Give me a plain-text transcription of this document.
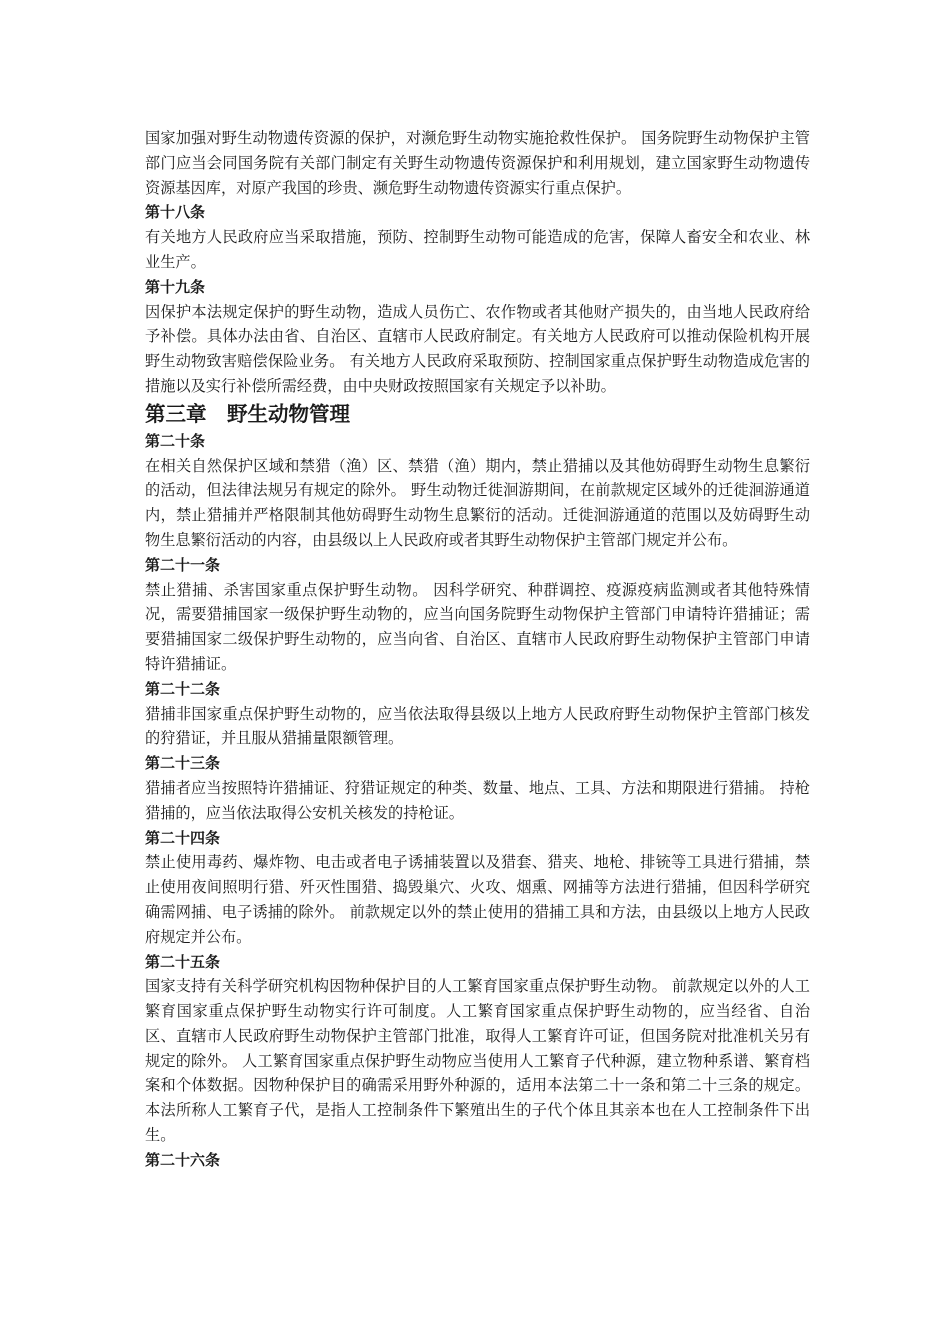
国家加强对野生动物遗传资源的保护，对濒危野生动物实施抢救性保护。 国务院野生动物保护主管部门应当会同国务院有关部门制定有关野生动物遗传资源保护和利用规划，建立国家野生动物遗传资源基因库，对原产我国的珍贵、濒危野生动物遗传资源实行重点保护。

第十八条

有关地方人民政府应当采取措施，预防、控制野生动物可能造成的危害，保障人畜安全和农业、林业生产。

第十九条

因保护本法规定保护的野生动物，造成人员伤亡、农作物或者其他财产损失的，由当地人民政府给予补偿。具体办法由省、自治区、直辖市人民政府制定。有关地方人民政府可以推动保险机构开展野生动物致害赔偿保险业务。 有关地方人民政府采取预防、控制国家重点保护野生动物造成危害的措施以及实行补偿所需经费，由中央财政按照国家有关规定予以补助。

第三章　野生动物管理

第二十条

在相关自然保护区域和禁猎（渔）区、禁猎（渔）期内，禁止猎捕以及其他妨碍野生动物生息繁衍的活动，但法律法规另有规定的除外。 野生动物迁徙洄游期间，在前款规定区域外的迁徙洄游通道内，禁止猎捕并严格限制其他妨碍野生动物生息繁衍的活动。迁徙洄游通道的范围以及妨碍野生动物生息繁衍活动的内容，由县级以上人民政府或者其野生动物保护主管部门规定并公布。

第二十一条

禁止猎捕、杀害国家重点保护野生动物。 因科学研究、种群调控、疫源疫病监测或者其他特殊情况，需要猎捕国家一级保护野生动物的，应当向国务院野生动物保护主管部门申请特许猎捕证；需要猎捕国家二级保护野生动物的，应当向省、自治区、直辖市人民政府野生动物保护主管部门申请特许猎捕证。

第二十二条

猎捕非国家重点保护野生动物的，应当依法取得县级以上地方人民政府野生动物保护主管部门核发的狩猎证，并且服从猎捕量限额管理。

第二十三条

猎捕者应当按照特许猎捕证、狩猎证规定的种类、数量、地点、工具、方法和期限进行猎捕。 持枪猎捕的，应当依法取得公安机关核发的持枪证。

第二十四条

禁止使用毒药、爆炸物、电击或者电子诱捕装置以及猎套、猎夹、地枪、排铳等工具进行猎捕，禁止使用夜间照明行猎、歼灭性围猎、捣毁巢穴、火攻、烟熏、网捕等方法进行猎捕，但因科学研究确需网捕、电子诱捕的除外。 前款规定以外的禁止使用的猎捕工具和方法，由县级以上地方人民政府规定并公布。

第二十五条

国家支持有关科学研究机构因物种保护目的人工繁育国家重点保护野生动物。 前款规定以外的人工繁育国家重点保护野生动物实行许可制度。人工繁育国家重点保护野生动物的，应当经省、自治区、直辖市人民政府野生动物保护主管部门批准，取得人工繁育许可证，但国务院对批准机关另有规定的除外。 人工繁育国家重点保护野生动物应当使用人工繁育子代种源，建立物种系谱、繁育档案和个体数据。因物种保护目的确需采用野外种源的，适用本法第二十一条和第二十三条的规定。 本法所称人工繁育子代，是指人工控制条件下繁殖出生的子代个体且其亲本也在人工控制条件下出生。

第二十六条
